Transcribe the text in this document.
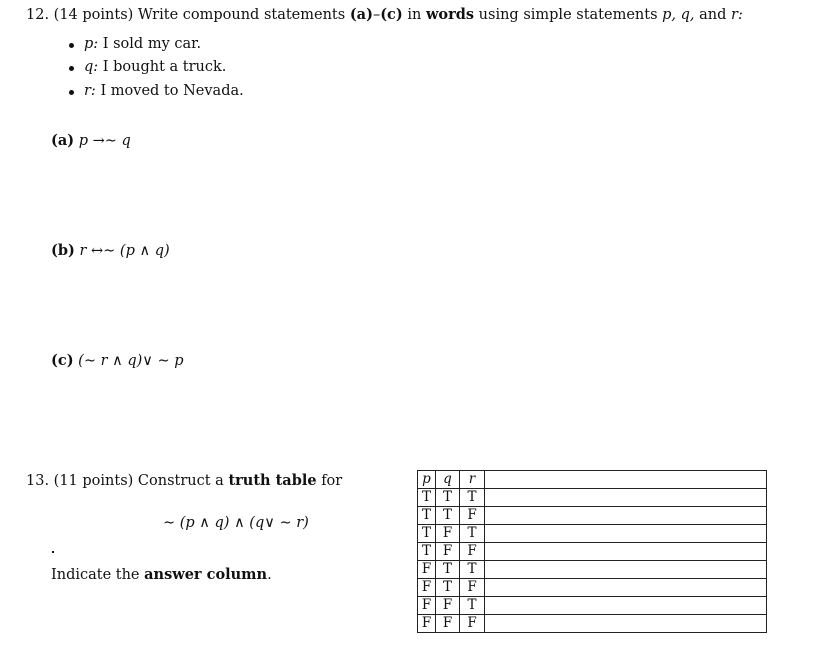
12. (14 points) Write compound statements (a)–(c) in words using simple statements p, q, and r:
p: I sold my car.
q: I bought a truck.
r: I moved to Nevada.
(a) p →∼ q
(b) r ↔∼ (p ∧ q)
(c) (∼ r ∧ q)∨ ∼ p
13. (11 points) Construct a truth table for
∼ (p ∧ q) ∧ (q∨ ∼ r)
Indicate the answer column.
p	q	r	
T	T	T	
T	T	F	
T	F	T	
T	F	F	
F	T	T	
F	T	F	
F	F	T	
F	F	F	
